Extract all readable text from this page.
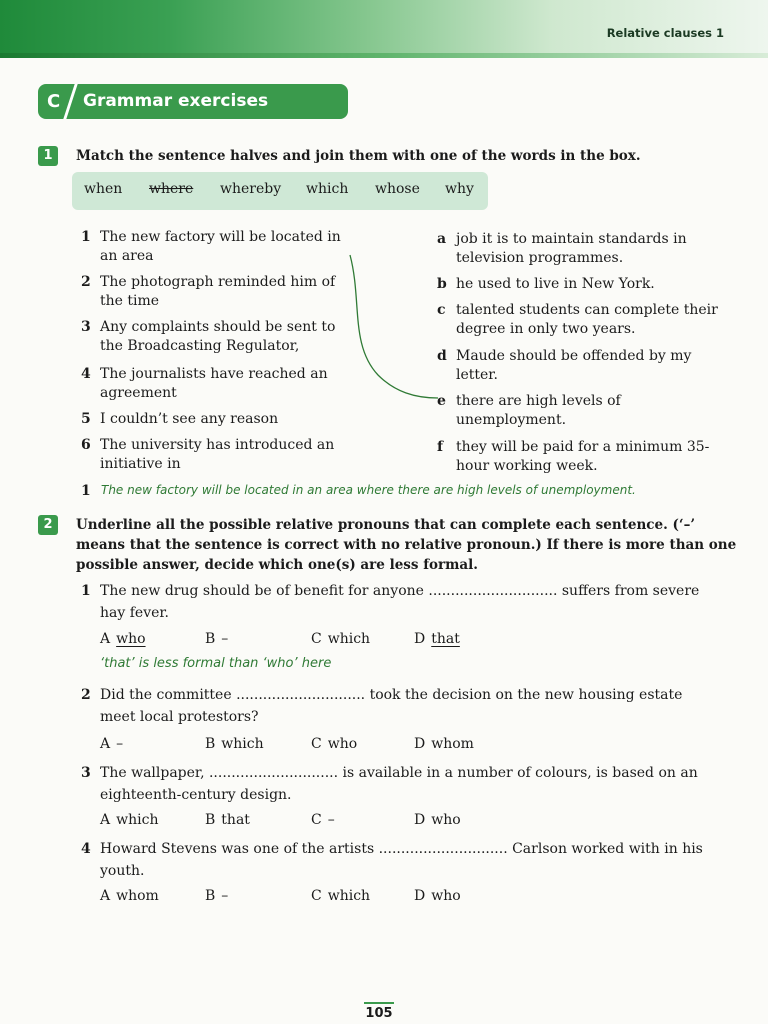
Relative clauses 1
C Grammar exercises
1	Match the sentence halves and join them with one of the words in the box.
when where whereby which whose why
1 The new factory will be located in
an area
2 The photograph reminded him of
the time
3 Any complaints should be sent to
the Broadcasting Regulator,
4 The journalists have reached an
agreement
5 I couldn’t see any reason
6 The university has introduced an
initiative in
a job it is to maintain standards in
television programmes.
b he used to live in New York.
c talented students can complete their
degree in only two years.
d Maude should be offended by my
letter.
e there are high levels of
unemployment.
f they will be paid for a minimum 35-
hour working week.
1 The new factory will be located in an area where there are high levels of unemployment.
2	Underline all the possible relative pronouns that can complete each sentence. (‘–’
means that the sentence is correct with no relative pronoun.) If there is more than one
possible answer, decide which one(s) are less formal.
1 The new drug should be of benefit for anyone ............................. suffers from severe
hay fever.
A who	B –	C which	D that
‘that’ is less formal than ‘who’ here
2 Did the committee ............................. took the decision on the new housing estate
meet local protestors?
A –	B which	C who	D whom
3 The wallpaper, ............................. is available in a number of colours, is based on an
eighteenth-century design.
A which	B that	C –	D who
4 Howard Stevens was one of the artists ............................. Carlson worked with in his
youth.
A whom	B –	C which	D who
105
